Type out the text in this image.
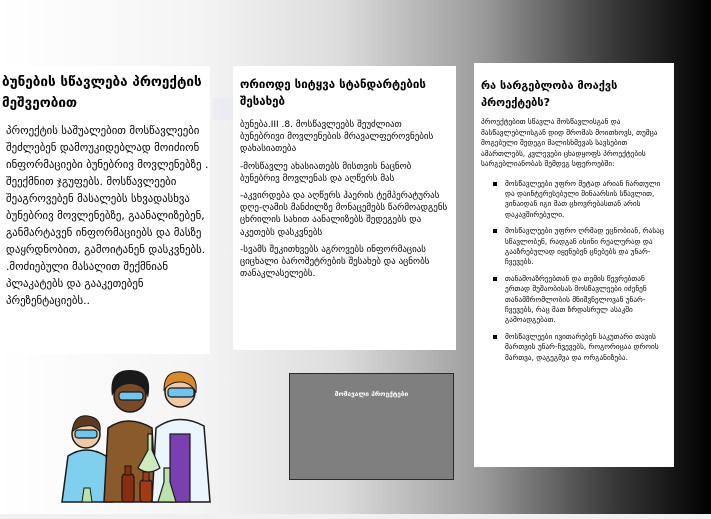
ბუნების სწავლება პროექტის მეშვეობით

პროექტის საშუალებით მოსწავლეები შეძლებენ დამოუკიდებლად მოიძიონ ინფორმაციები ბუნებრივ მოვლენებზე . შეექმნით ჯგუფებს. მოსწავლეები შეაგროვებენ მასალებს სხვადასხვა ბუნებრივ მოვლენებზე, გაანალიზებენ, განმარტავენ ინფორმაციებს და მასზე დაყრდნობით, გამოიტანენ დასკვნებს. .მოძიებული მასალით შექმნიან პლაკატებს და გააკეთებენ პრეზენტაციებს..

ორიოდე სიტყვა სტანდარტების შესახებ

ბუნება.III .8. მოსწავლეებს შეუძლიათ ბუნებრივი მოვლენების მრავალფეროვნების დახასიათება

-მოსწავლე ახასიათებს მისთვის ნაცნობ ბუნებრივ მოვლენას და აღწერს მას

-აკვირდება და აღწერს ჰაერის ტემპერატურას დღე-ღამის მანძილზე მონაცემებს წარმოადგენს ცხრილის სახით აანალიზებს შედეგებს და აკეთებს დასკვნებს

-სვამს შეკითხვებს აგროვებს ინფორმაციას ციცხალი ბაროშეტრების შესახებ და აცნობს თანაკლასელებს.

რა სარგებლობა მოაქვს პროექტებს?

პროექტებით სწავლა მოსწავლისგან და მასწავლებლისგან დიდ შრომას მოითხოვს, თუმცა მოგებული შედეგი მალისხმევას სავსებით ამართლებს, კვლევები ცხადყოფს პროექტების სარგებლიანობას შემდეგ სფეროებში:

მოსწავლეები უფრო მეტად არიან ჩართული და დაინტერესებული შინაარსის სწავლით, ვინაიდან იგი მათ ცხოვრებასთან არის დაკავშირებული.
მოსწავლეები უფრო ღრმად ეცნობიან, რასაც სწავლობენ, რადგან ისინი რეალურად და გააზრებულად იყენებენ ცნებებს და უნარ-ჩვევებს.
თანამოაზრეებთან და თემის წევრებთან ერთად მუშაობისას მოსწავლეები იძენენ თანამშრომლობის მნიშვნელოვან უნარ-ჩვევებს, რაც მათ ზრდასრულ ასაკში გამოადგებათ.
მოსწავლეები ივითარებენ საკუთარი თავის მართვის უნარ-ჩვევებს, როგორიცაა დროის მართვა, დაგეგმვა და ორგანიზება.
მომავალი პროექტები
